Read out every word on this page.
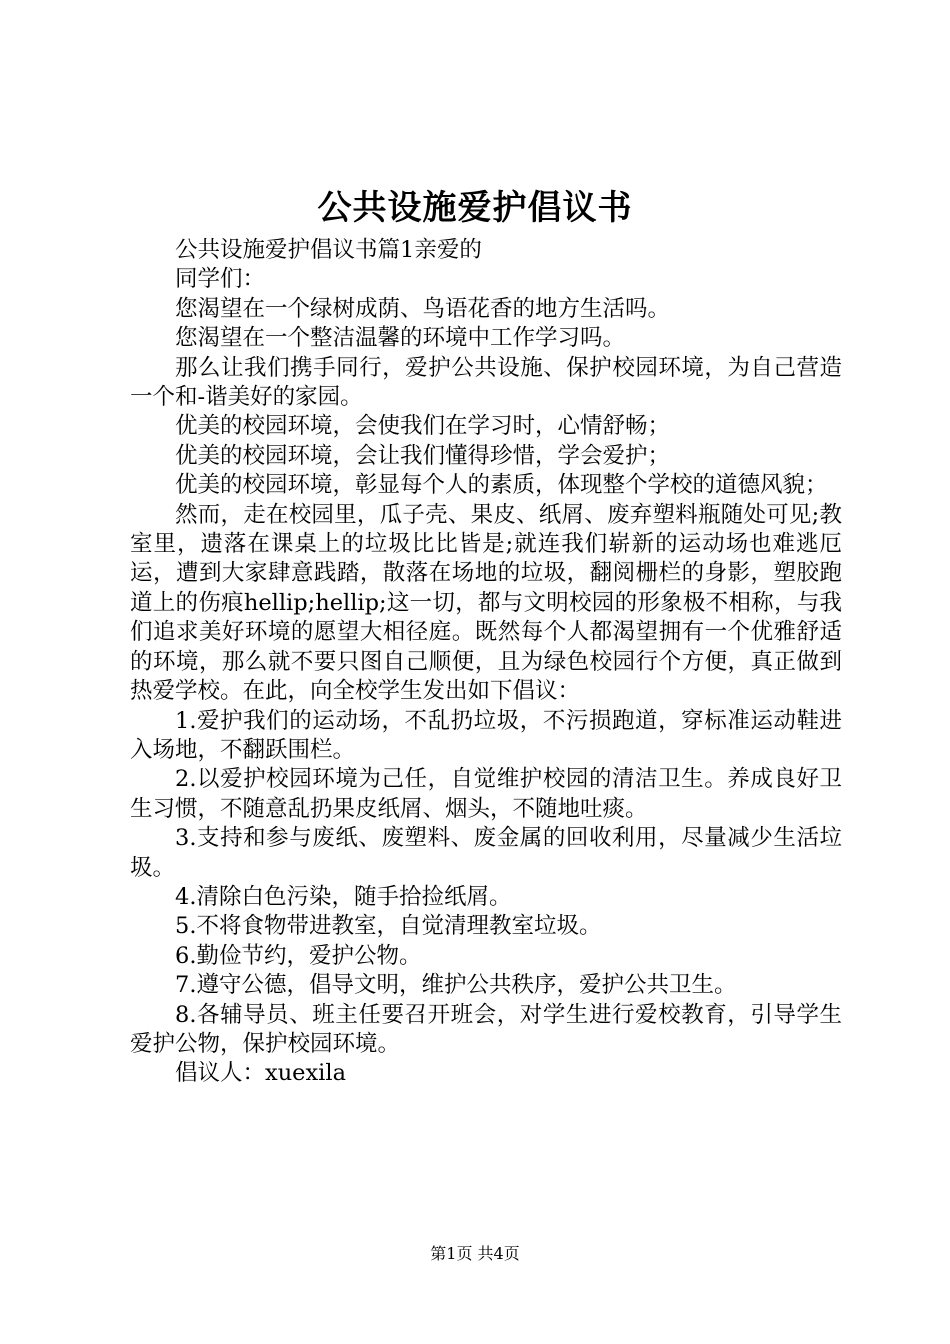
公共设施爱护倡议书

公共设施爱护倡议书篇1亲爱的

同学们：

您渴望在一个绿树成荫、鸟语花香的地方生活吗。

您渴望在一个整洁温馨的环境中工作学习吗。

那么让我们携手同行，爱护公共设施、保护校园环境，为自己营造一个和-谐美好的家园。

优美的校园环境，会使我们在学习时，心情舒畅；

优美的校园环境，会让我们懂得珍惜，学会爱护；

优美的校园环境，彰显每个人的素质，体现整个学校的道德风貌；

然而，走在校园里，瓜子壳、果皮、纸屑、废弃塑料瓶随处可见;教室里，遗落在课桌上的垃圾比比皆是;就连我们崭新的运动场也难逃厄运，遭到大家肆意践踏，散落在场地的垃圾，翻阅栅栏的身影，塑胶跑道上的伤痕hellip;hellip;这一切，都与文明校园的形象极不相称，与我们追求美好环境的愿望大相径庭。既然每个人都渴望拥有一个优雅舒适的环境，那么就不要只图自己顺便，且为绿色校园行个方便，真正做到热爱学校。在此，向全校学生发出如下倡议：

1.爱护我们的运动场，不乱扔垃圾，不污损跑道，穿标准运动鞋进入场地，不翻跃围栏。

2.以爱护校园环境为己任，自觉维护校园的清洁卫生。养成良好卫生习惯，不随意乱扔果皮纸屑、烟头，不随地吐痰。

3.支持和参与废纸、废塑料、废金属的回收利用，尽量减少生活垃圾。

4.清除白色污染，随手拾捡纸屑。

5.不将食物带进教室，自觉清理教室垃圾。

6.勤俭节约，爱护公物。

7.遵守公德，倡导文明，维护公共秩序，爱护公共卫生。

8.各辅导员、班主任要召开班会，对学生进行爱校教育，引导学生爱护公物，保护校园环境。

倡议人：xuexila

第1页 共4页
